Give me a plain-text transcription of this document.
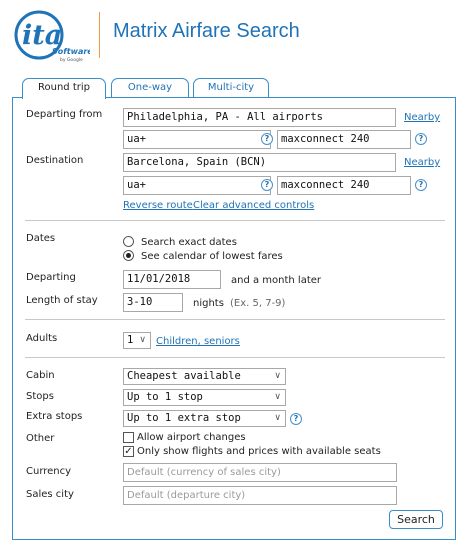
ita
Software
by Google
Matrix Airfare Search
Round trip	One-way	Multi-city
Departing from	Philadelphia, PA - All airports	Nearby
ua+	?	maxconnect 240	?
Destination	Barcelona, Spain (BCN)	Nearby
ua+	?	maxconnect 240	?
Reverse route Clear advanced controls
Dates	Search exact dates
See calendar of lowest fares
Departing	11/01/2018	and a month later
Length of stay	3-10	nights (Ex. 5, 7-9)
Adults	1 ∨ Children, seniors
Cabin	Cheapest available	∨
Stops	Up to 1 stop	∨
Extra stops	Up to 1 extra stop	∨	?
Other	Allow airport changes
✓ Only show flights and prices with available seats
Currency	Default (currency of sales city)
Sales city	Default (departure city)
Search
